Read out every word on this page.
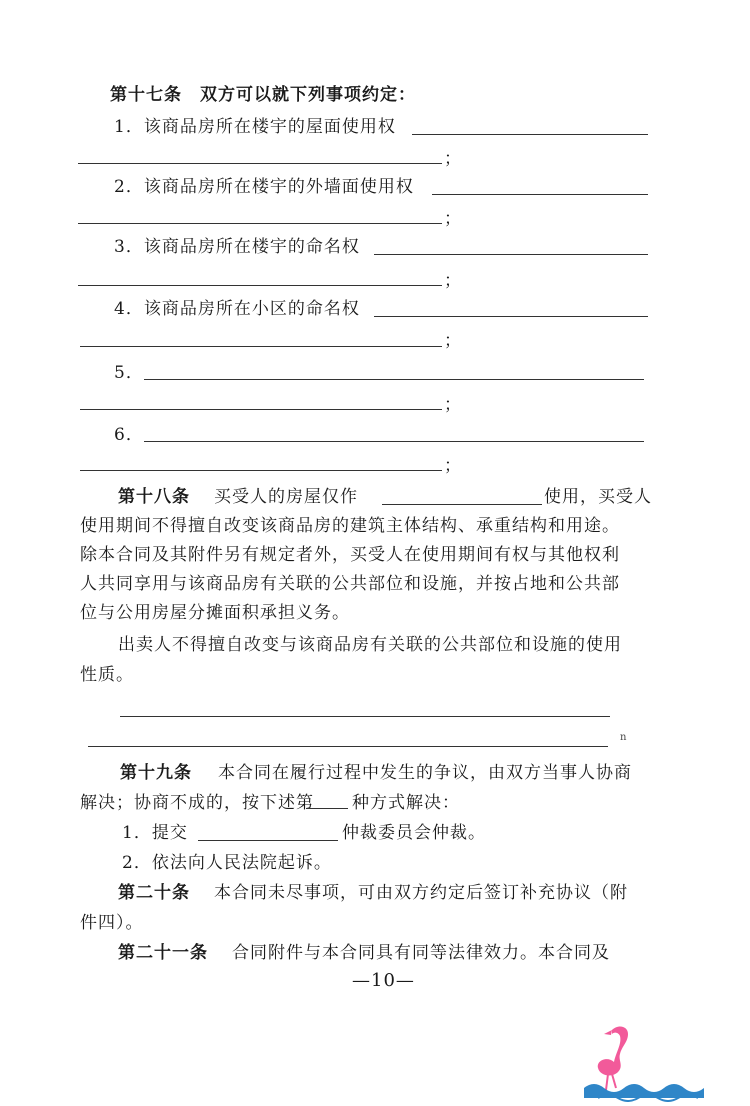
第十七条　双方可以就下列事项约定：
1．该商品房所在楼宇的屋面使用权
；
2．该商品房所在楼宇的外墙面使用权
；
3．该商品房所在楼宇的命名权
；
4．该商品房所在小区的命名权
；
5．
；
6．
；
第十八条 买受人的房屋仅作	使用，买受人
使用期间不得擅自改变该商品房的建筑主体结构、承重结构和用途。
除本合同及其附件另有规定者外，买受人在使用期间有权与其他权利
人共同享用与该商品房有关联的公共部位和设施，并按占地和公共部
位与公用房屋分摊面积承担义务。
出卖人不得擅自改变与该商品房有关联的公共部位和设施的使用
性质。
n
第十九条 本合同在履行过程中发生的争议，由双方当事人协商
解决；协商不成的，按下述第 种方式解决：
1．提交	仲裁委员会仲裁。
2．依法向人民法院起诉。
第二十条 本合同未尽事项，可由双方约定后签订补充协议（附
件四）。
第二十一条 合同附件与本合同具有同等法律效力。本合同及
—10—
